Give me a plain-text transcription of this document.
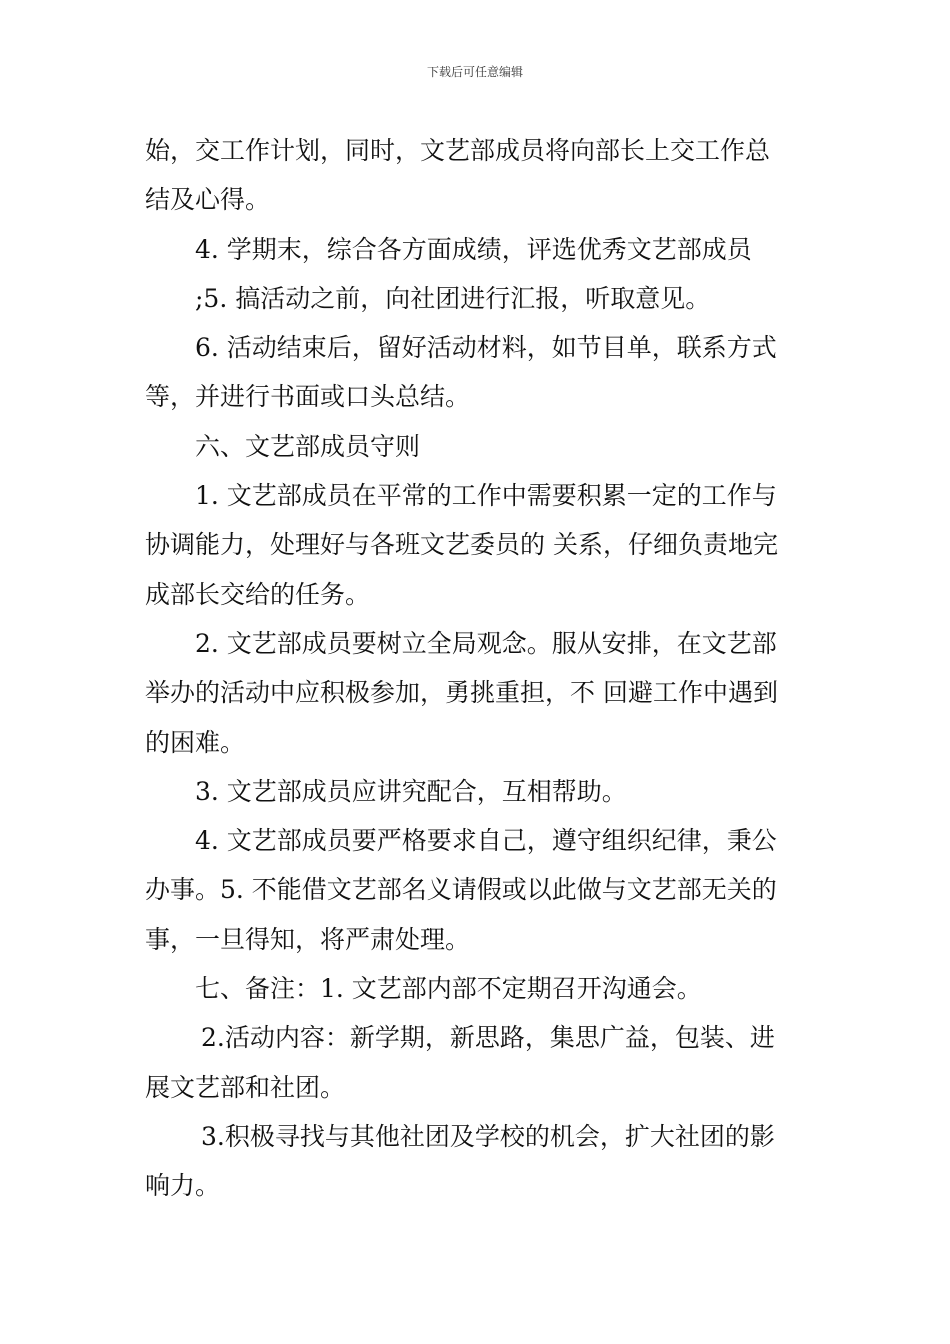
下载后可任意编辑
始，交工作计划，同时，文艺部成员将向部长上交工作总
结及心得。
4. 学期末，综合各方面成绩，评选优秀文艺部成员
;5. 搞活动之前，向社团进行汇报，听取意见。
6. 活动结束后，留好活动材料，如节目单，联系方式
等，并进行书面或口头总结。
六、文艺部成员守则
1. 文艺部成员在平常的工作中需要积累一定的工作与
协调能力，处理好与各班文艺委员的 关系，仔细负责地完
成部长交给的任务。
2. 文艺部成员要树立全局观念。服从安排，在文艺部
举办的活动中应积极参加，勇挑重担，不 回避工作中遇到
的困难。
3. 文艺部成员应讲究配合，互相帮助。
4. 文艺部成员要严格要求自己，遵守组织纪律，秉公
办事。5. 不能借文艺部名义请假或以此做与文艺部无关的
事，一旦得知，将严肃处理。
七、备注：1. 文艺部内部不定期召开沟通会。
2.活动内容：新学期，新思路，集思广益，包装、进
展文艺部和社团。
3.积极寻找与其他社团及学校的机会，扩大社团的影
响力。
